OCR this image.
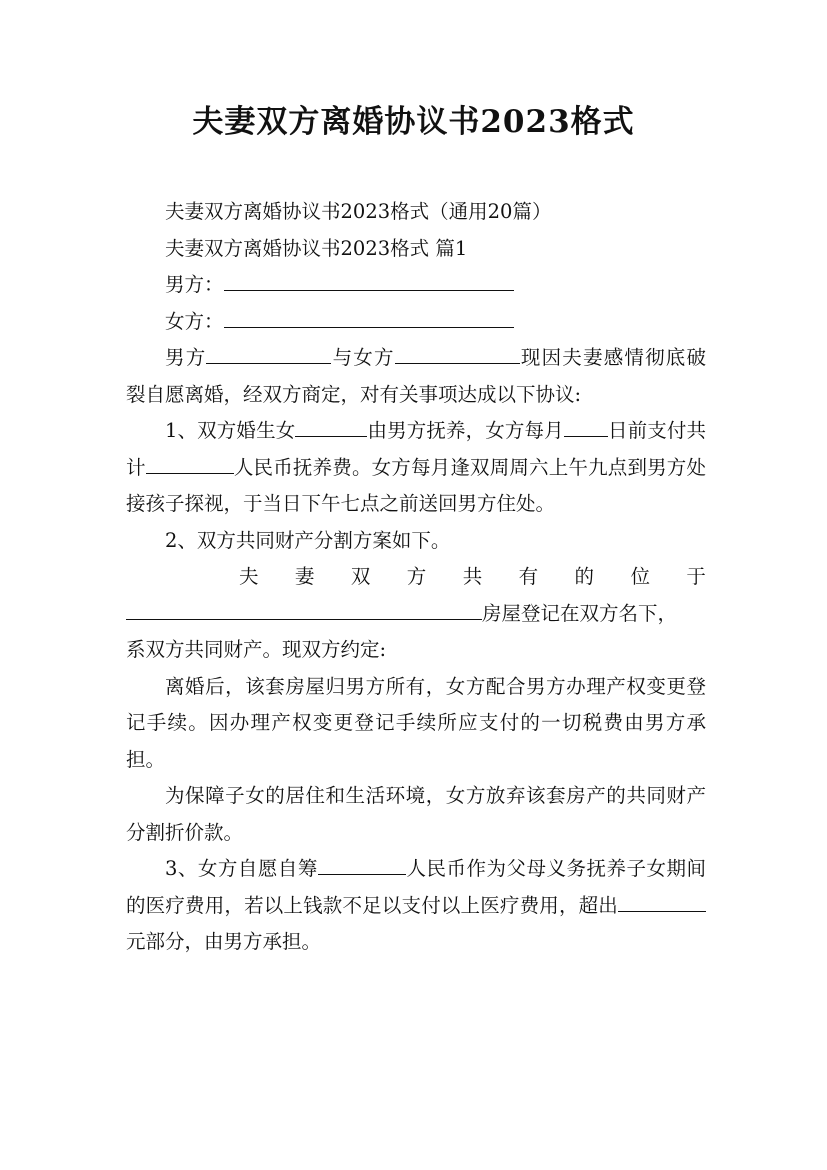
夫妻双方离婚协议书2023格式

夫妻双方离婚协议书2023格式（通用20篇）

夫妻双方离婚协议书2023格式 篇1

男方：

女方：

男方	与女方	现因夫妻感情彻底破裂自愿离婚，经双方商定，对有关事项达成以下协议:

1、双方婚生女	由男方抚养，女方每月 日前支付共计	人民币抚养费。女方每月逢双周周六上午九点到男方处接孩子探视，于当日下午七点之前送回男方住处。

2、双方共同财产分割方案如下。

夫 妻 双 方 共 有 的 位 于
房屋登记在双方名下，
系双方共同财产。现双方约定:

离婚后，该套房屋归男方所有，女方配合男方办理产权变更登记手续。因办理产权变更登记手续所应支付的一切税费由男方承担。

为保障子女的居住和生活环境，女方放弃该套房产的共同财产分割折价款。

3、女方自愿自筹	人民币作为父母义务抚养子女期间的医疗费用，若以上钱款不足以支付以上医疗费用，超出元部分，由男方承担。
